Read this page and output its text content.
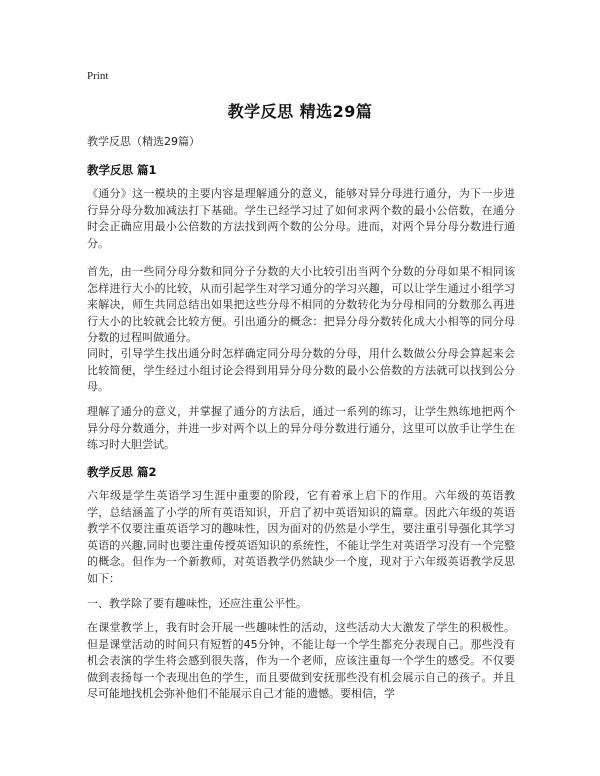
Print
教学反思 精选29篇
教学反思（精选29篇）
教学反思 篇1
《通分》这一模块的主要内容是理解通分的意义，能够对异分母进行通分，为下一步进行异分母分数加减法打下基础。学生已经学习过了如何求两个数的最小公倍数，在通分时会正确应用最小公倍数的方法找到两个数的公分母。进而，对两个异分母分数进行通分。
首先，由一些同分母分数和同分子分数的大小比较引出当两个分数的分母如果不相同该怎样进行大小的比较，从而引起学生对学习通分的学习兴趣，可以让学生通过小组学习来解决，师生共同总结出如果把这些分母不相同的分数转化为分母相同的分数那么再进行大小的比较就会比较方便。引出通分的概念：把异分母分数转化成大小相等的同分母分数的过程叫做通分。
同时，引导学生找出通分时怎样确定同分母分数的分母，用什么数做公分母会算起来会比较简便，学生经过小组讨论会得到用异分母分数的最小公倍数的方法就可以找到公分母。
理解了通分的意义，并掌握了通分的方法后，通过一系列的练习，让学生熟练地把两个异分母分数通分，并进一步对两个以上的异分母分数进行通分，这里可以放手让学生在练习时大胆尝试。
教学反思 篇2
六年级是学生英语学习生涯中重要的阶段，它有着承上启下的作用。六年级的英语教学，总结涵盖了小学的所有英语知识，开启了初中英语知识的篇章。因此六年级的英语教学不仅要注重英语学习的趣味性，因为面对的仍然是小学生，要注重引导强化其学习英语的兴趣,同时也要注重传授英语知识的系统性，不能让学生对英语学习没有一个完整的概念。但作为一个新教师，对英语教学仍然缺少一个度，现对于六年级英语教学反思如下：
一、教学除了要有趣味性，还应注重公平性。
在课堂教学上，我有时会开展一些趣味性的活动，这些活动大大激发了学生的积极性。但是课堂活动的时间只有短暂的45分钟，不能让每一个学生都充分表现自己。那些没有机会表演的学生将会感到很失落，作为一个老师，应该注重每一个学生的感受。不仅要做到表扬每一个表现出色的学生，而且要做到安抚那些没有机会展示自己的孩子。并且尽可能地找机会弥补他们不能展示自己才能的遗憾。要相信，学
